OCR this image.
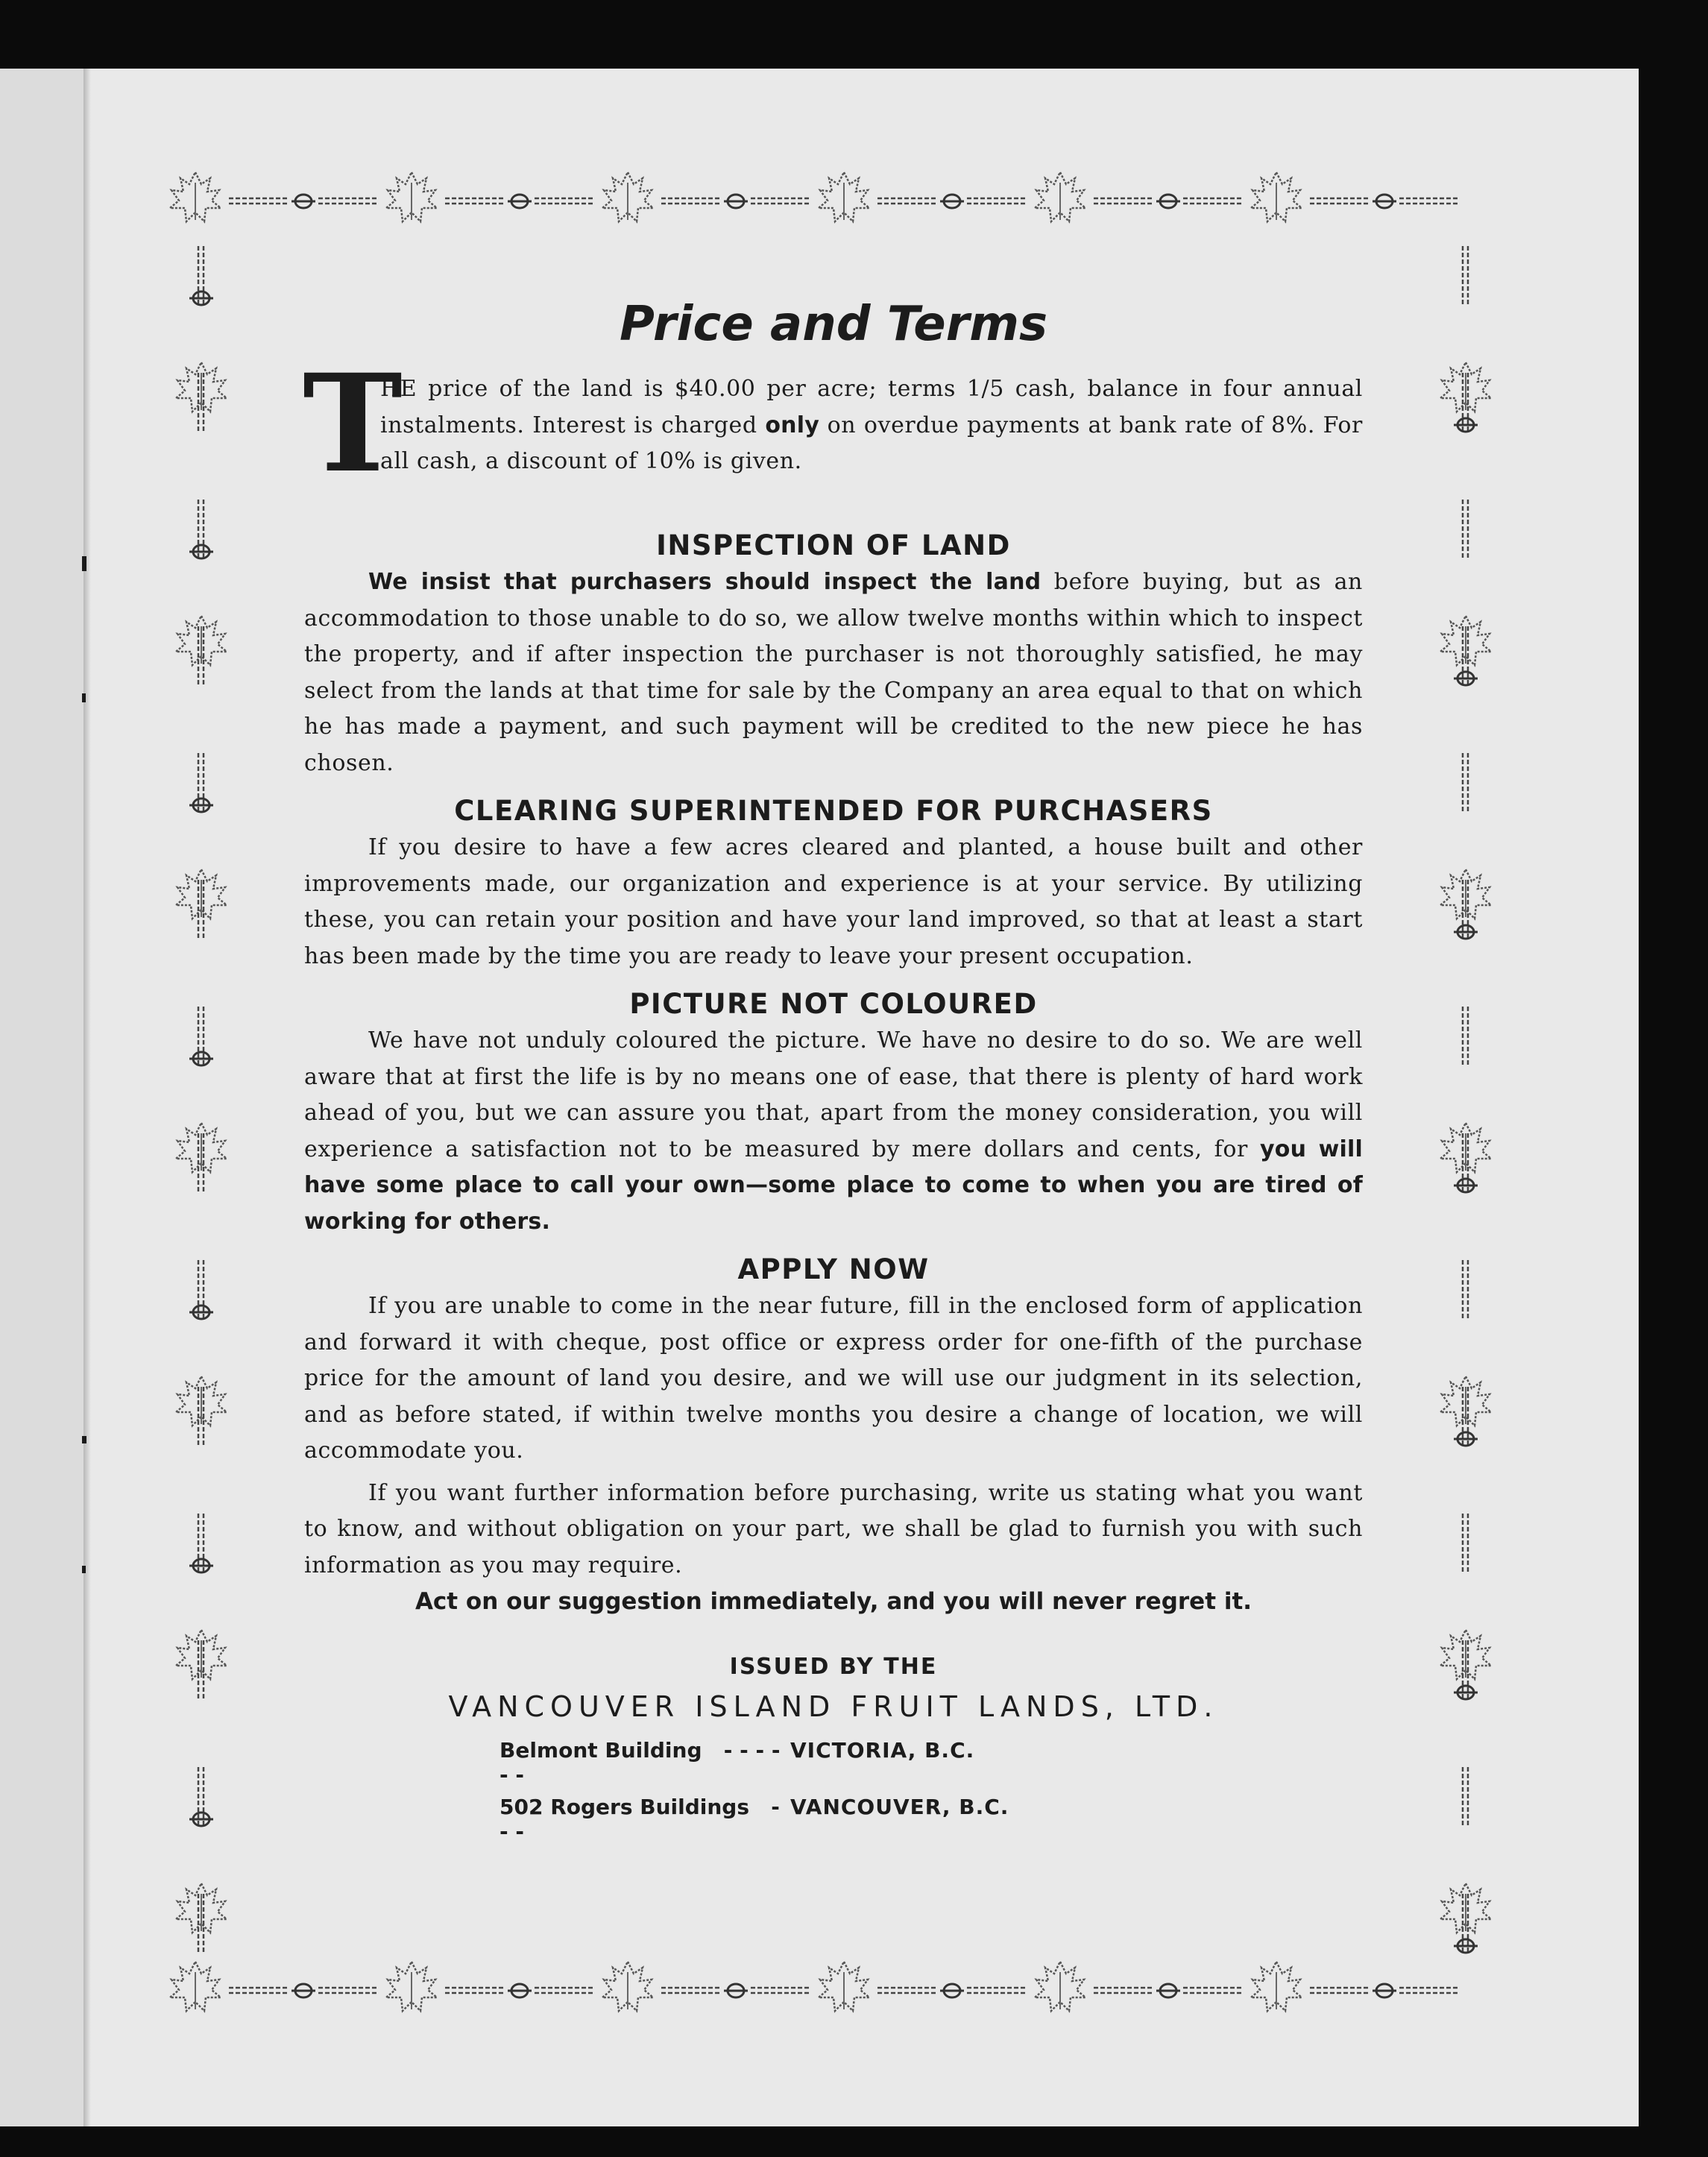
Price and Terms
T
HE price of the land is $40.00 per acre; terms 1/5 cash, balance in four annual instalments. Interest is charged only on overdue payments at bank rate of 8%. For all cash, a discount of 10% is given.
INSPECTION OF LAND
We insist that purchasers should inspect the land before buying, but as an accommodation to those unable to do so, we allow twelve months within which to inspect the property, and if after inspection the purchaser is not thoroughly satisfied, he may select from the lands at that time for sale by the Company an area equal to that on which he has made a payment, and such payment will be credited to the new piece he has chosen.
CLEARING SUPERINTENDED FOR PURCHASERS
If you desire to have a few acres cleared and planted, a house built and other improvements made, our organization and experience is at your service. By utilizing these, you can retain your position and have your land improved, so that at least a start has been made by the time you are ready to leave your present occupation.
PICTURE NOT COLOURED
We have not unduly coloured the picture. We have no desire to do so. We are well aware that at first the life is by no means one of ease, that there is plenty of hard work ahead of you, but we can assure you that, apart from the money consideration, you will experience a satisfaction not to be measured by mere dollars and cents, for you will have some place to call your own—some place to come to when you are tired of working for others.
APPLY NOW
If you are unable to come in the near future, fill in the enclosed form of application and forward it with cheque, post office or express order for one-fifth of the purchase price for the amount of land you desire, and we will use our judgment in its selection, and as before stated, if within twelve months you desire a change of location, we will accommodate you.
If you want further information before purchasing, write us stating what you want to know, and without obligation on your part, we shall be glad to furnish you with such information as you may require.
Act on our suggestion immediately, and you will never regret it.
ISSUED BY THE
VANCOUVER ISLAND FRUIT LANDS, LTD.
Belmont Building - - - - - -
VICTORIA, B.C.
502 Rogers Buildings - - -
VANCOUVER, B.C.
